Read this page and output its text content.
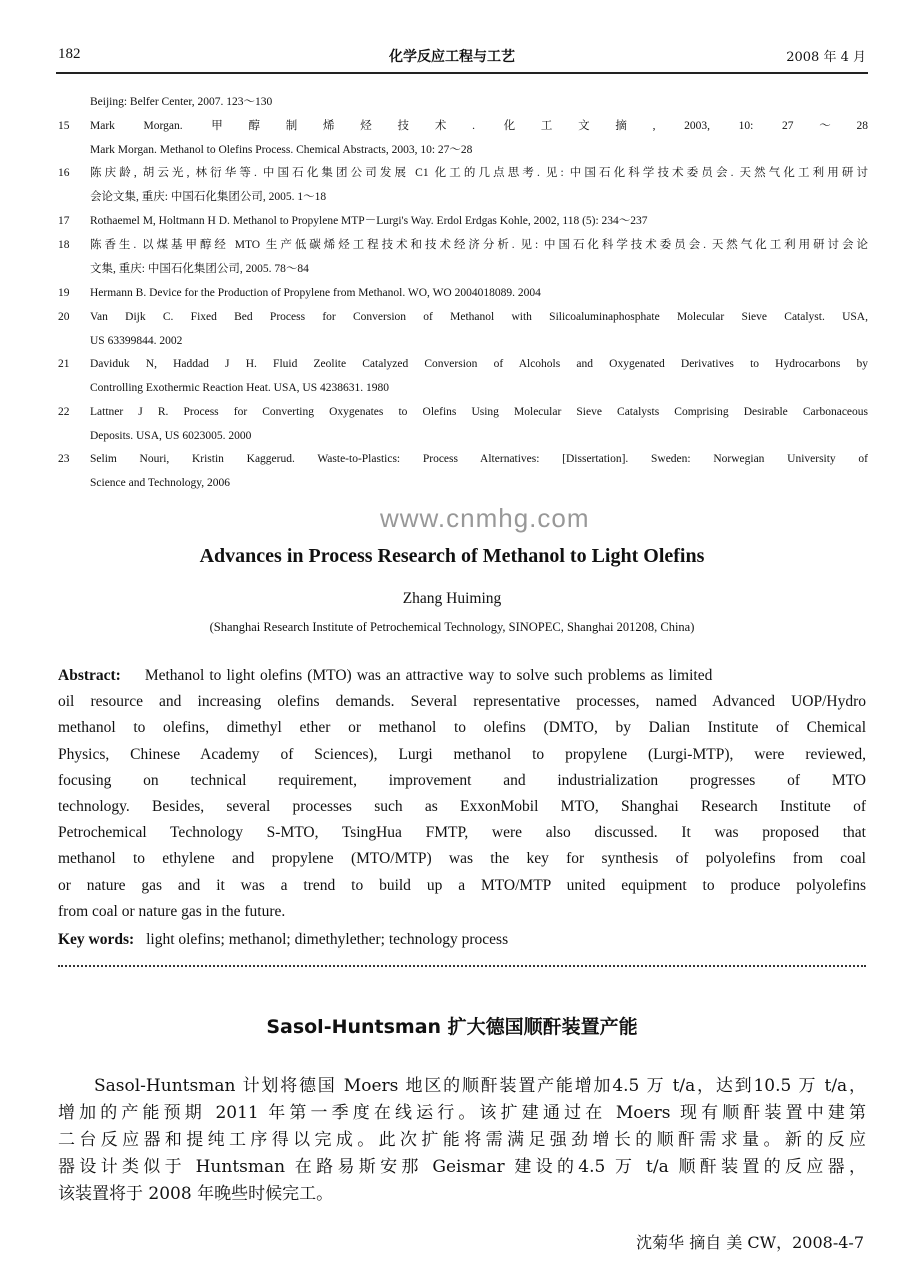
182	化学反应工程与工艺	2008 年 4 月
Beijing: Belfer Center, 2007. 123～130
15 Mark Morgan. 甲醇制烯烃技术. 化工文摘, 2003, 10: 27～28
Mark Morgan. Methanol to Olefins Process. Chemical Abstracts, 2003, 10: 27～28
16 陈庆龄, 胡云光, 林衍华等. 中国石化集团公司发展 C1 化工的几点思考. 见: 中国石化科学技术委员会. 天然气化工利用研讨
会论文集, 重庆: 中国石化集团公司, 2005. 1～18
17 Rothaemel M, Holtmann H D. Methanol to Propylene MTP－Lurgi's Way. Erdol Erdgas Kohle, 2002, 118 (5): 234～237
18 陈香生. 以煤基甲醇经 MTO 生产低碳烯烃工程技术和技术经济分析. 见: 中国石化科学技术委员会. 天然气化工利用研讨会论
文集, 重庆: 中国石化集团公司, 2005. 78～84
19 Hermann B. Device for the Production of Propylene from Methanol. WO, WO 2004018089. 2004
20 Van Dijk C. Fixed Bed Process for Conversion of Methanol with Silicoaluminaphosphate Molecular Sieve Catalyst. USA,
US 63399844. 2002
21 Daviduk N, Haddad J H. Fluid Zeolite Catalyzed Conversion of Alcohols and Oxygenated Derivatives to Hydrocarbons by
Controlling Exothermic Reaction Heat. USA, US 4238631. 1980
22 Lattner J R. Process for Converting Oxygenates to Olefins Using Molecular Sieve Catalysts Comprising Desirable Carbonaceous
Deposits. USA, US 6023005. 2000
23 Selim Nouri, Kristin Kaggerud. Waste-to-Plastics: Process Alternatives: [Dissertation]. Sweden: Norwegian University of
Science and Technology, 2006
www.cnmhg.com
Advances in Process Research of Methanol to Light Olefins
Zhang Huiming
(Shanghai Research Institute of Petrochemical Technology, SINOPEC, Shanghai 201208, China)
Abstract: Methanol to light olefins (MTO) was an attractive way to solve such problems as limited
oil resource and increasing olefins demands. Several representative processes, named Advanced UOP/Hydro
methanol to olefins, dimethyl ether or methanol to olefins (DMTO, by Dalian Institute of Chemical
Physics, Chinese Academy of Sciences), Lurgi methanol to propylene (Lurgi-MTP), were reviewed,
focusing on technical requirement, improvement and industrialization progresses of MTO
technology. Besides, several processes such as ExxonMobil MTO, Shanghai Research Institute of
Petrochemical Technology S-MTO, TsingHua FMTP, were also discussed. It was proposed that
methanol to ethylene and propylene (MTO/MTP) was the key for synthesis of polyolefins from coal
or nature gas and it was a trend to build up a MTO/MTP united equipment to produce polyolefins
from coal or nature gas in the future.
Key words: light olefins; methanol; dimethylether; technology process
Sasol-Huntsman 扩大德国顺酐装置产能
Sasol-Huntsman 计划将德国 Moers 地区的顺酐装置产能增加4.5 万 t/a，达到10.5 万 t/a，
增加的产能预期 2011 年第一季度在线运行。该扩建通过在 Moers 现有顺酐装置中建第
二台反应器和提纯工序得以完成。此次扩能将需满足强劲增长的顺酐需求量。新的反应
器设计类似于 Huntsman 在路易斯安那 Geismar 建设的4.5 万 t/a 顺酐装置的反应器，
该装置将于 2008 年晚些时候完工。
沈菊华 摘自 美 CW，2008-4-7
